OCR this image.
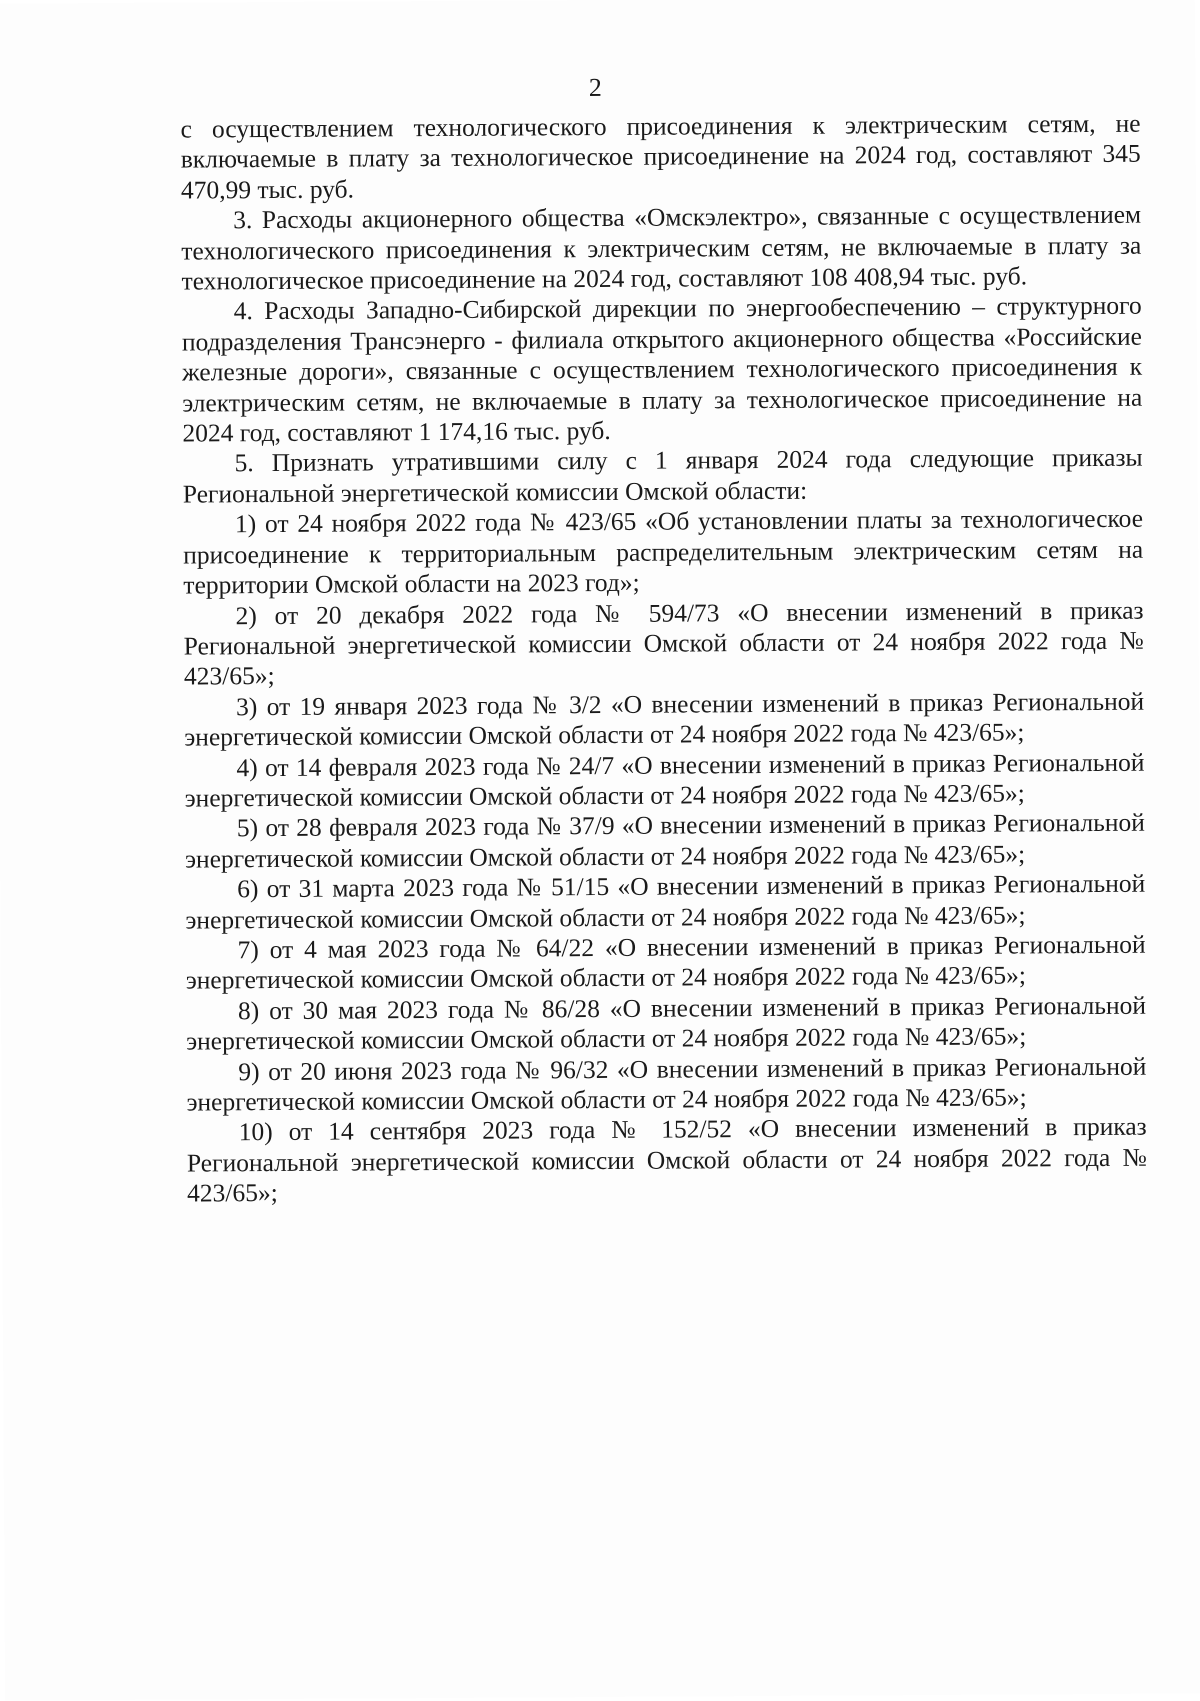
2

с осуществлением технологического присоединения к электрическим сетям, не включаемые в плату за технологическое присоединение на 2024 год, составляют 345 470,99 тыс. руб.

3. Расходы акционерного общества «Омскэлектро», связанные с осуществлением технологического присоединения к электрическим сетям, не включаемые в плату за технологическое присоединение на 2024 год, составляют 108 408,94 тыс. руб.

4. Расходы Западно-Сибирской дирекции по энергообеспечению – структурного подразделения Трансэнерго - филиала открытого акционерного общества «Российские железные дороги», связанные с осуществлением технологического присоединения к электрическим сетям, не включаемые в плату за технологическое присоединение на 2024 год, составляют 1 174,16 тыс. руб.

5. Признать утратившими силу с 1 января 2024 года следующие приказы Региональной энергетической комиссии Омской области:

1) от 24 ноября 2022 года № 423/65 «Об установлении платы за технологическое присоединение к территориальным распределительным электрическим сетям на территории Омской области на 2023 год»;

2) от 20 декабря 2022 года № 594/73 «О внесении изменений в приказ Региональной энергетической комиссии Омской области от 24 ноября 2022 года № 423/65»;

3) от 19 января 2023 года № 3/2 «О внесении изменений в приказ Региональной энергетической комиссии Омской области от 24 ноября 2022 года № 423/65»;

4) от 14 февраля 2023 года № 24/7 «О внесении изменений в приказ Региональной энергетической комиссии Омской области от 24 ноября 2022 года № 423/65»;

5) от 28 февраля 2023 года № 37/9 «О внесении изменений в приказ Региональной энергетической комиссии Омской области от 24 ноября 2022 года № 423/65»;

6) от 31 марта 2023 года № 51/15 «О внесении изменений в приказ Региональной энергетической комиссии Омской области от 24 ноября 2022 года № 423/65»;

7) от 4 мая 2023 года № 64/22 «О внесении изменений в приказ Региональной энергетической комиссии Омской области от 24 ноября 2022 года № 423/65»;

8) от 30 мая 2023 года № 86/28 «О внесении изменений в приказ Региональной энергетической комиссии Омской области от 24 ноября 2022 года № 423/65»;

9) от 20 июня 2023 года № 96/32 «О внесении изменений в приказ Региональной энергетической комиссии Омской области от 24 ноября 2022 года № 423/65»;

10) от 14 сентября 2023 года № 152/52 «О внесении изменений в приказ Региональной энергетической комиссии Омской области от 24 ноября 2022 года № 423/65»;
